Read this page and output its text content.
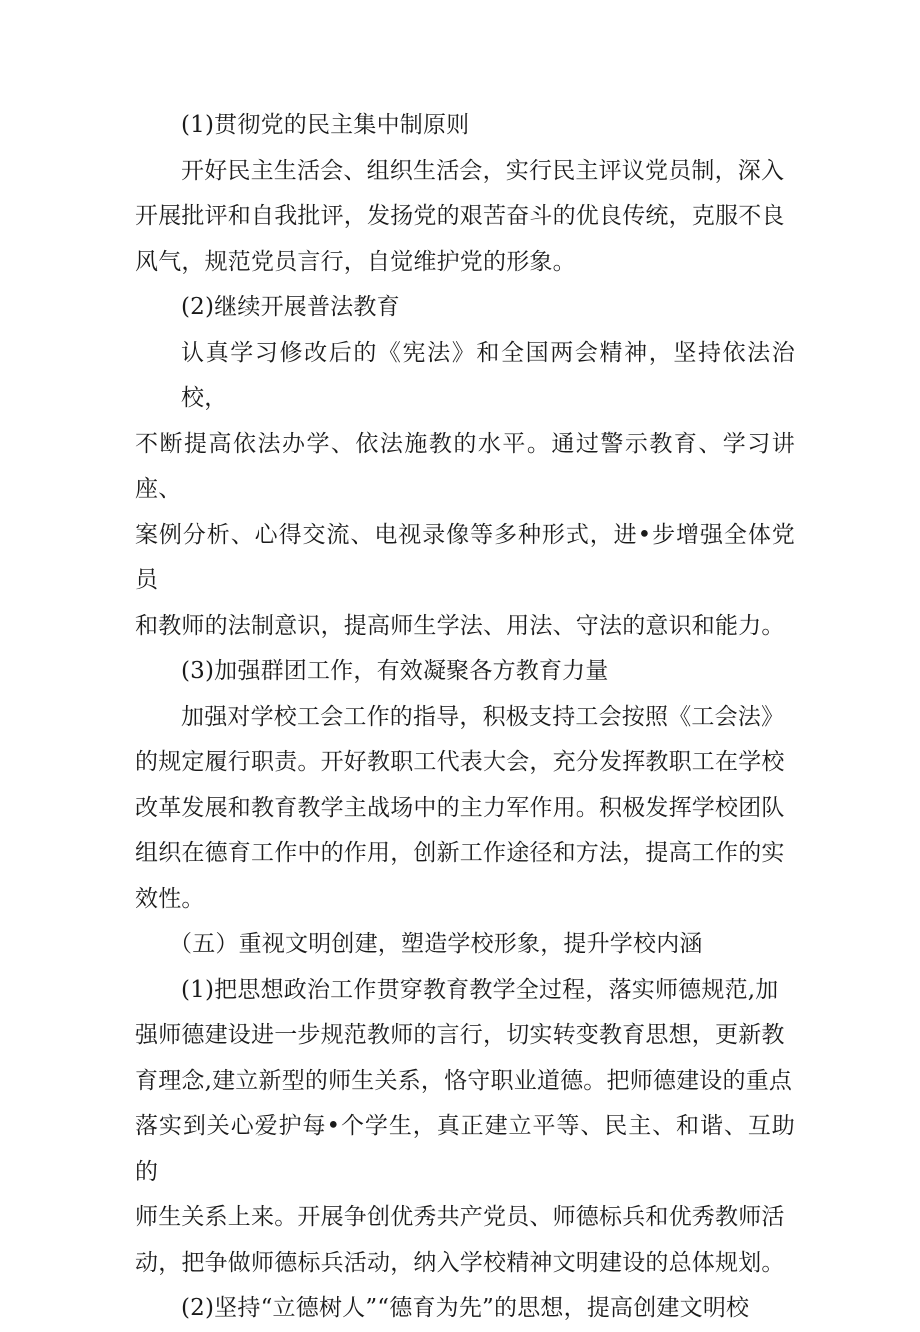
(1)贯彻党的民主集中制原则

开好民主生活会、组织生活会，实行民主评议党员制，深入
开展批评和自我批评，发扬党的艰苦奋斗的优良传统，克服不良
风气，规范党员言行，自觉维护党的形象。

(2)继续开展普法教育

认真学习修改后的《宪法》和全国两会精神，坚持依法治校，
不断提高依法办学、依法施教的水平。通过警示教育、学习讲座、
案例分析、心得交流、电视录像等多种形式，进•步增强全体党员
和教师的法制意识，提高师生学法、用法、守法的意识和能力。

(3)加强群团工作，有效凝聚各方教育力量

加强对学校工会工作的指导，积极支持工会按照《工会法》
的规定履行职责。开好教职工代表大会，充分发挥教职工在学校
改革发展和教育教学主战场中的主力军作用。积极发挥学校团队
组织在德育工作中的作用，创新工作途径和方法，提高工作的实
效性。

（五）重视文明创建，塑造学校形象，提升学校内涵

(1)把思想政治工作贯穿教育教学全过程，落实师德规范,加
强师德建设进一步规范教师的言行，切实转变教育思想，更新教
育理念,建立新型的师生关系，恪守职业道德。把师德建设的重点
落实到关心爱护每•个学生，真正建立平等、民主、和谐、互助的
师生关系上来。开展争创优秀共产党员、师德标兵和优秀教师活
动，把争做师德标兵活动，纳入学校精神文明建设的总体规划。

(2)坚持“立德树人”“德育为先”的思想，提高创建文明校
